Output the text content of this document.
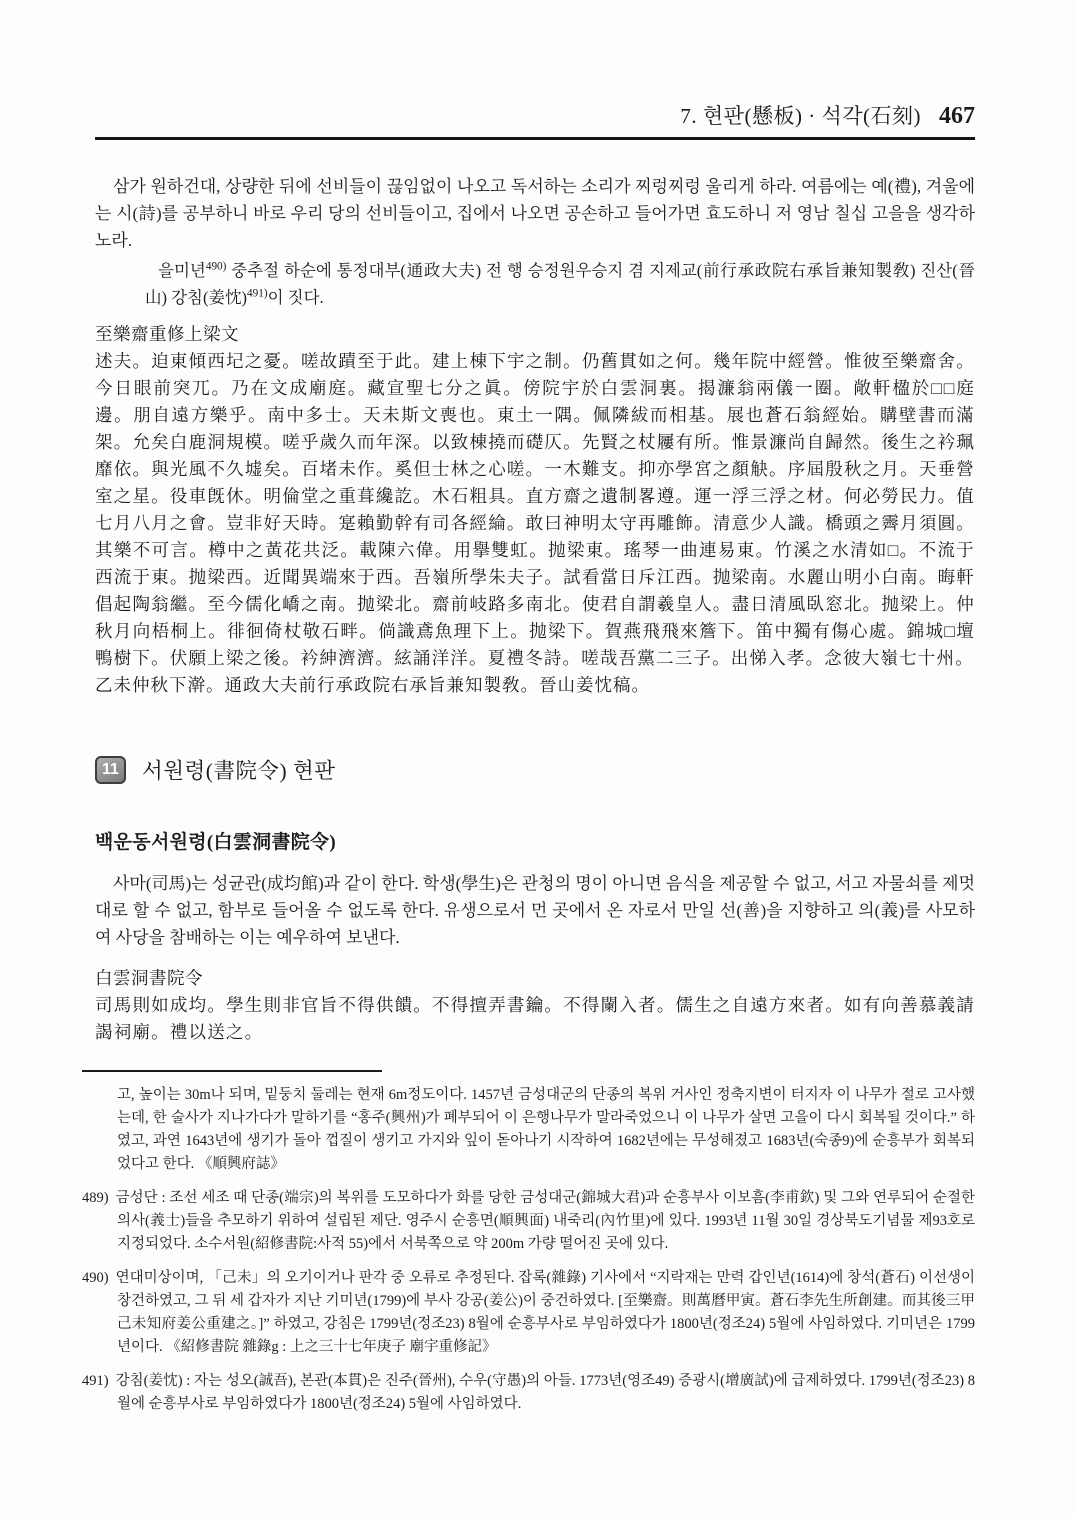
7. 현판(懸板) · 석각(石刻) 467

삼가 원하건대, 상량한 뒤에 선비들이 끊임없이 나오고 독서하는 소리가 찌렁찌렁 울리게 하라. 여름에는 예(禮), 겨울에는 시(詩)를 공부하니 바로 우리 당의 선비들이고, 집에서 나오면 공손하고 들어가면 효도하니 저 영남 칠십 고을을 생각하노라.

을미년$^{490)}$ 중추절 하순에 통정대부(通政大夫) 전 행 승정원우승지 겸 지제교(前行承政院右承旨兼知製敎) 진산(晉山) 강침(姜忱)$^{491)}$이 짓다.

至樂齋重修上梁文

述夫。迫東傾西圮之憂。嗟故蹟至于此。建上棟下宇之制。仍舊貫如之何。幾年院中經營。惟彼至樂齋舍。今日眼前突兀。乃在文成廟庭。藏宣聖七分之眞。傍院宇於白雲洞裏。揭濂翁兩儀一圈。敞軒楹於□□庭邊。朋自遠方樂乎。南中多士。天未斯文喪也。東土一隅。佩隣紱而相基。展也蒼石翁經始。購壁書而滿架。允矣白鹿洞規模。嗟乎歲久而年深。以致棟撓而礎仄。先賢之杖屨有所。惟景濂尚自歸然。後生之衿珮靡依。與光風不久墟矣。百堵未作。奚但士林之心嗟。一木難支。抑亦學宮之顏觖。序屆殷秋之月。天垂營室之星。役車旣休。明倫堂之重葺纔訖。木石粗具。直方齋之遺制畧遵。運一浮三浮之材。何必勞民力。值七月八月之會。豈非好天時。寔賴勤幹有司各經綸。敢曰神明太守再雕飾。清意少人識。橋頭之霽月須圓。其樂不可言。樽中之黃花共泛。載陳六偉。用擧雙虹。抛梁東。瑤琴一曲連易東。竹溪之水清如□。不流于西流于東。抛梁西。近聞異端來于西。吾嶺所學朱夫子。試看當日斥江西。抛梁南。水麗山明小白南。晦軒倡起陶翁繼。至今儒化嶠之南。抛梁北。齋前岐路多南北。使君自謂羲皇人。盡日清風臥窓北。抛梁上。仲秋月向梧桐上。徘徊倚杖敬石畔。倘識鳶魚理下上。抛梁下。賀燕飛飛來簷下。笛中獨有傷心處。錦城□壇鴨樹下。伏願上梁之後。衿紳濟濟。絃誦洋洋。夏禮冬詩。嗟哉吾黨二三子。出悌入孝。念彼大嶺七十州。

乙未仲秋下澣。通政大夫前行承政院右承旨兼知製敎。晉山姜忱稿。

11	서원령(書院令) 현판
백운동서원령(白雲洞書院令)

사마(司馬)는 성균관(成均館)과 같이 한다. 학생(學生)은 관청의 명이 아니면 음식을 제공할 수 없고, 서고 자물쇠를 제멋대로 할 수 없고, 함부로 들어올 수 없도록 한다. 유생으로서 먼 곳에서 온 자로서 만일 선(善)을 지향하고 의(義)를 사모하여 사당을 참배하는 이는 예우하여 보낸다.

白雲洞書院令

司馬則如成均。學生則非官旨不得供饋。不得擅弄書鑰。不得闌入者。儒生之自遠方來者。如有向善慕義請謁祠廟。禮以送之。

고, 높이는 30m나 되며, 밑둥치 둘레는 현재 6m정도이다. 1457년 금성대군의 단종의 복위 거사인 정축지변이 터지자 이 나무가 절로 고사했는데, 한 술사가 지나가다가 말하기를 “홍주(興州)가 폐부되어 이 은행나무가 말라죽었으니 이 나무가 살면 고을이 다시 회복될 것이다.” 하였고, 과연 1643년에 생기가 돌아 껍질이 생기고 가지와 잎이 돋아나기 시작하여 1682년에는 무성해졌고 1683년(숙종9)에 순흥부가 회복되었다고 한다. 《順興府誌》

489) 금성단 : 조선 세조 때 단종(端宗)의 복위를 도모하다가 화를 당한 금성대군(錦城大君)과 순흥부사 이보흠(李甫欽) 및 그와 연루되어 순절한 의사(義士)들을 추모하기 위하여 설립된 제단. 영주시 순흥면(順興面) 내죽리(內竹里)에 있다. 1993년 11월 30일 경상북도기념물 제93호로 지정되었다. 소수서원(紹修書院:사적 55)에서 서북쪽으로 약 200m 가량 떨어진 곳에 있다.
490) 연대미상이며, 「己未」의 오기이거나 판각 중 오류로 추정된다. 잡록(雜錄) 기사에서 “지락재는 만력 갑인년(1614)에 창석(蒼石) 이선생이 창건하였고, 그 뒤 세 갑자가 지난 기미년(1799)에 부사 강공(姜公)이 중건하였다. [至樂齋。則萬曆甲寅。蒼石李先生所創建。而其後三甲己未知府姜公重建之。]” 하였고, 강침은 1799년(정조23) 8월에 순흥부사로 부임하였다가 1800년(정조24) 5월에 사임하였다. 기미년은 1799년이다. 《紹修書院 雜錄g : 上之三十七年庚子 廟宇重修記》
491) 강침(姜忱) : 자는 성오(誠吾), 본관(本貫)은 진주(晉州), 수우(守愚)의 아들. 1773년(영조49) 증광시(增廣試)에 급제하였다. 1799년(정조23) 8월에 순흥부사로 부임하였다가 1800년(정조24) 5월에 사임하였다.
